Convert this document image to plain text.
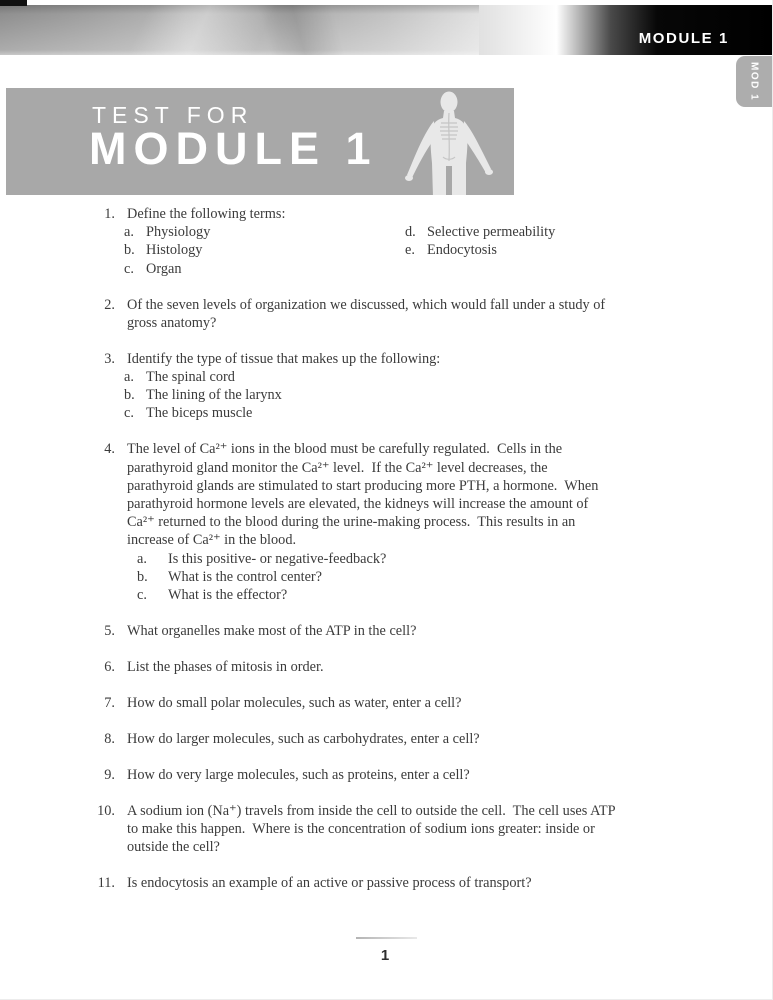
MODULE 1
MOD 1
TEST FOR
MODULE 1
1. Define the following terms:
a. Physiology
b. Histology
c. Organ
d. Selective permeability
e. Endocytosis
2. Of the seven levels of organization we discussed, which would fall under a study of
gross anatomy?
3. Identify the type of tissue that makes up the following:
a. The spinal cord
b. The lining of the larynx
c. The biceps muscle
4. The level of Ca²⁺ ions in the blood must be carefully regulated.  Cells in the
parathyroid gland monitor the Ca²⁺ level.  If the Ca²⁺ level decreases, the
parathyroid glands are stimulated to start producing more PTH, a hormone.  When
parathyroid hormone levels are elevated, the kidneys will increase the amount of
Ca²⁺ returned to the blood during the urine-making process.  This results in an
increase of Ca²⁺ in the blood.
a.	Is this positive- or negative-feedback?
b.	What is the control center?
c.	What is the effector?
5. What organelles make most of the ATP in the cell?
6. List the phases of mitosis in order.
7. How do small polar molecules, such as water, enter a cell?
8. How do larger molecules, such as carbohydrates, enter a cell?
9. How do very large molecules, such as proteins, enter a cell?
10. A sodium ion (Na⁺) travels from inside the cell to outside the cell.  The cell uses ATP
to make this happen.  Where is the concentration of sodium ions greater: inside or
outside the cell?
11. Is endocytosis an example of an active or passive process of transport?
1
